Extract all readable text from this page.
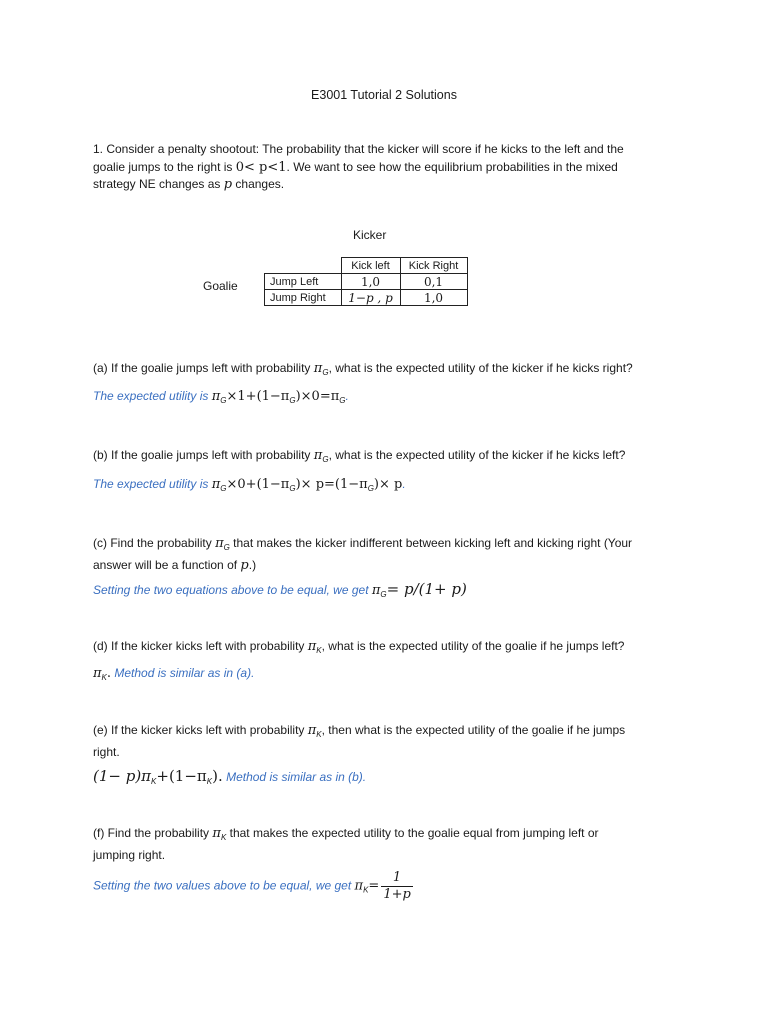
E3001 Tutorial 2 Solutions
1. Consider a penalty shootout: The probability that the kicker will score if he kicks to the left and the
goalie jumps to the right is 0< p<1. We want to see how the equilibrium probabilities in the mixed
strategy NE changes as p changes.
Kicker
Goalie
	Kick left	Kick Right
Jump Left	1,0	0,1
Jump Right	1−p , p	1,0
(a) If the goalie jumps left with probability $\pi_G$, what is the expected utility of the kicker if he kicks right?
The expected utility is $\pi_G\times 1+(1-\pi_G)\times 0=\pi_G$.
(b) If the goalie jumps left with probability $\pi_G$, what is the expected utility of the kicker if he kicks left?
The expected utility is $\pi_G\times 0+(1-\pi_G)\times p=(1-\pi_G)\times p$.
(c) Find the probability $\pi_G$ that makes the kicker indifferent between kicking left and kicking right (Your
answer will be a function of p.)
Setting the two equations above to be equal, we get $\pi_G= p/(1+ p)$
(d) If the kicker kicks left with probability $\pi_K$, what is the expected utility of the goalie if he jumps left?
$\pi_K$. Method is similar as in (a).
(e) If the kicker kicks left with probability $\pi_K$, then what is the expected utility of the goalie if he jumps
right.
$(1- p)\pi_K+(1-\pi_K)$. Method is similar as in (b).
(f) Find the probability $\pi_K$ that makes the expected utility to the goalie equal from jumping left or
jumping right.
Setting the two values above to be equal, we get $\pi_K= \frac{1}{1+p}$
